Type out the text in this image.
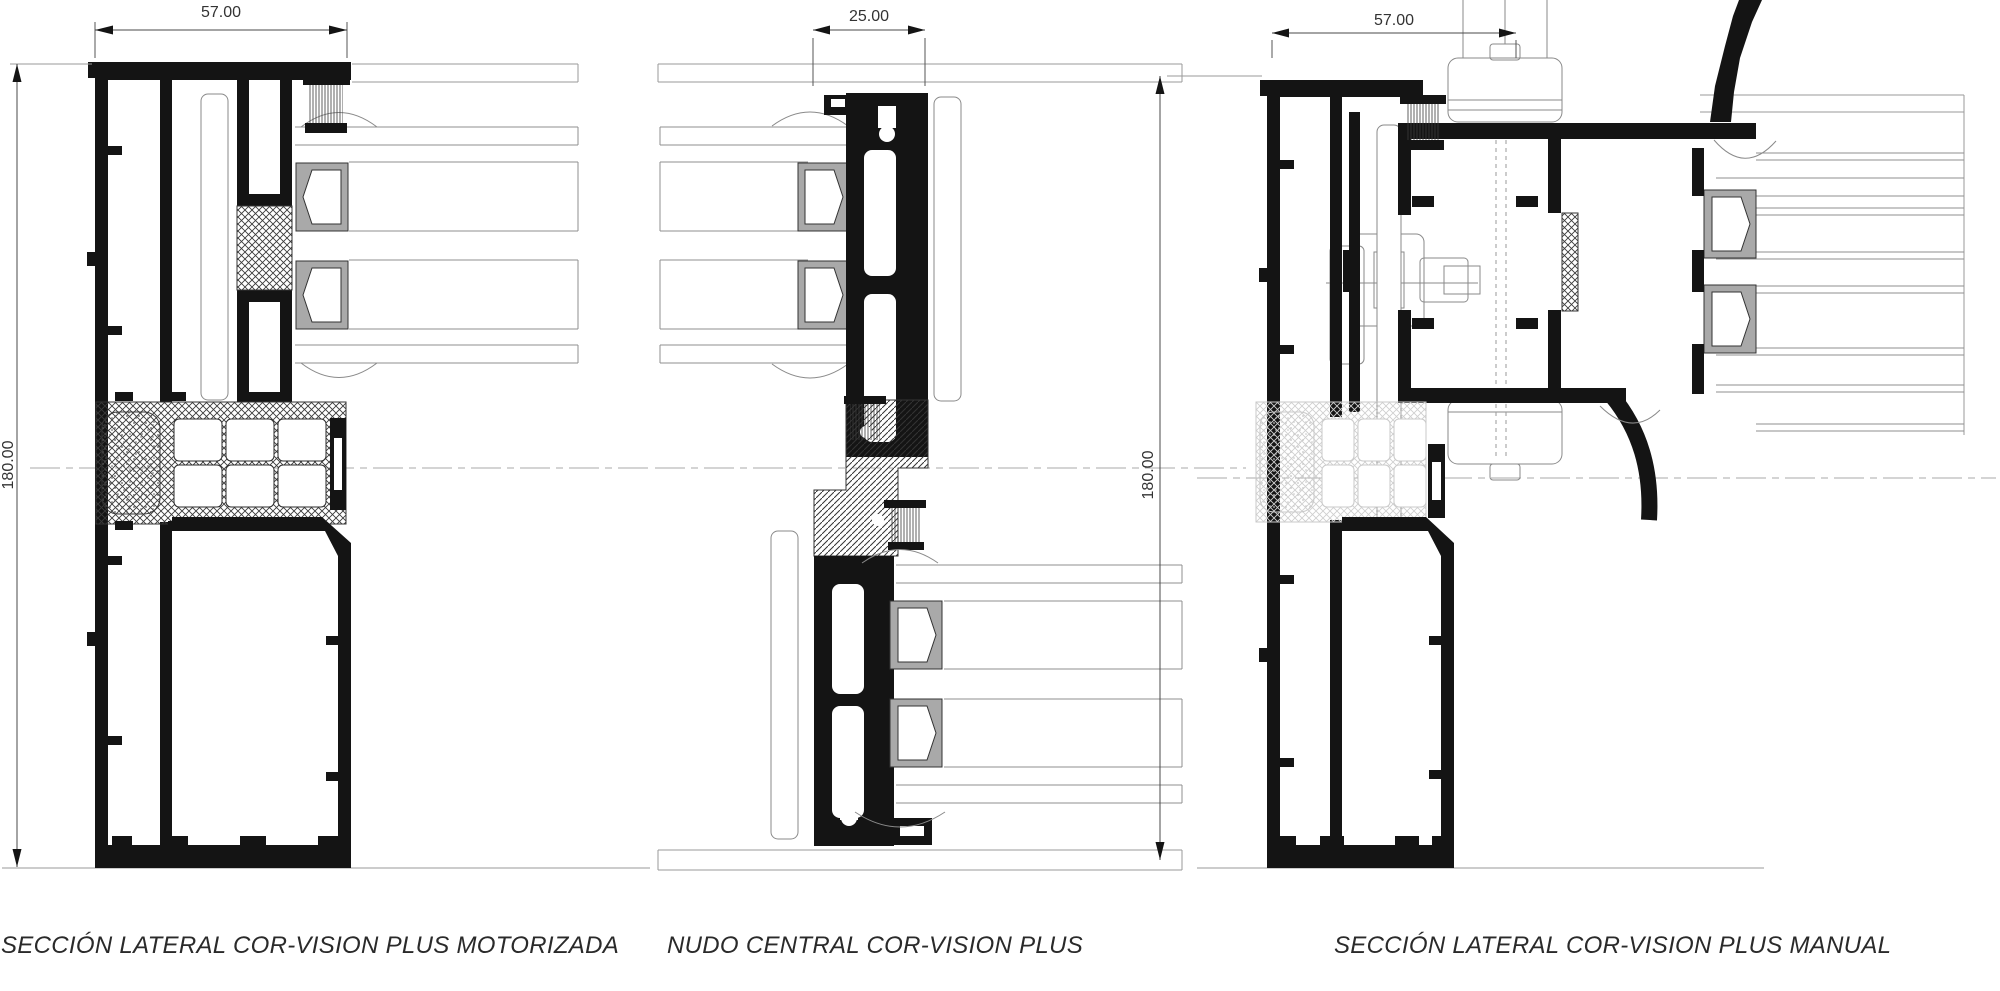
57.00
180.00
25.00	57.00
180.00
SECCIÓN LATERAL COR-VISION PLUS MOTORIZADA NUDO CENTRAL COR-VISION PLUS	SECCIÓN LATERAL COR-VISION PLUS MANUAL
